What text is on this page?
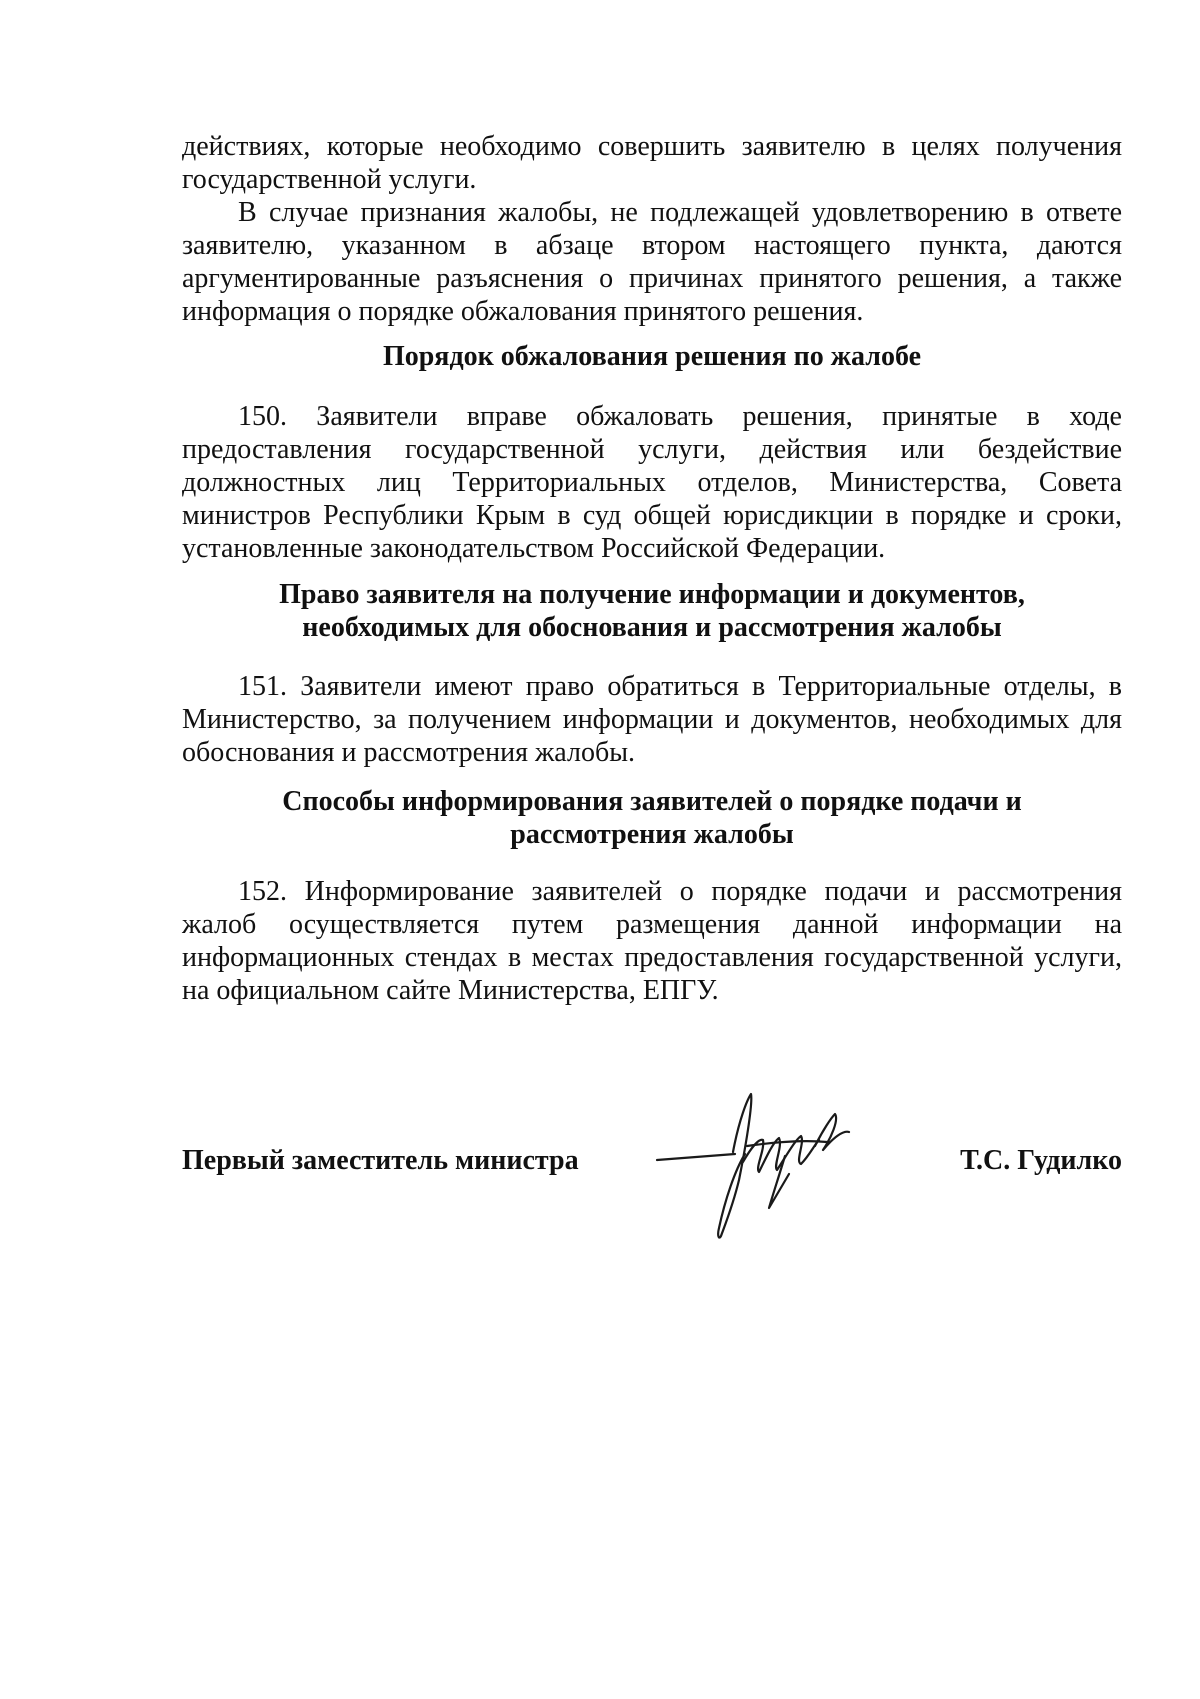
действиях, которые необходимо совершить заявителю в целях получения государственной услуги.

В случае признания жалобы, не подлежащей удовлетворению в ответе заявителю, указанном в абзаце втором настоящего пункта, даются аргументированные разъяснения о причинах принятого решения, а также информация о порядке обжалования принятого решения.

Порядок обжалования решения по жалобе

150. Заявители вправе обжаловать решения, принятые в ходе предоставления государственной услуги, действия или бездействие должностных лиц Территориальных отделов, Министерства, Совета министров Республики Крым в суд общей юрисдикции в порядке и сроки, установленные законодательством Российской Федерации.

Право заявителя на получение информации и документов,
необходимых для обоснования и рассмотрения жалобы

151. Заявители имеют право обратиться в Территориальные отделы, в Министерство, за получением информации и документов, необходимых для обоснования и рассмотрения жалобы.

Способы информирования заявителей о порядке подачи и
рассмотрения жалобы

152. Информирование заявителей о порядке подачи и рассмотрения жалоб осуществляется путем размещения данной информации на информационных стендах в местах предоставления государственной услуги, на официальном сайте Министерства, ЕПГУ.

Первый заместитель министра	Т.С. Гудилко
